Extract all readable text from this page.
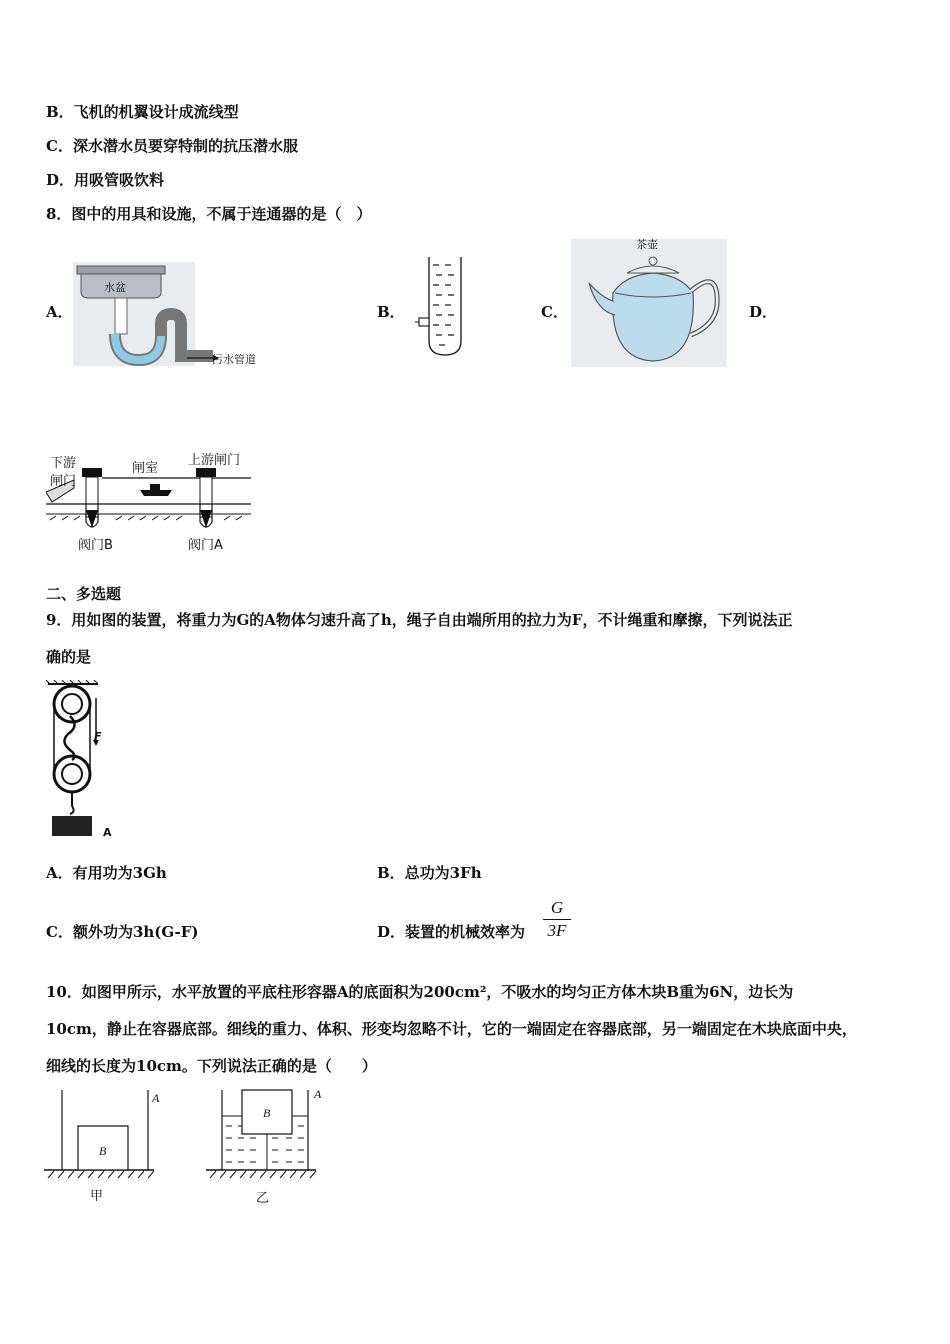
B．飞机的机翼设计成流线型
C．深水潜水员要穿特制的抗压潜水服
D．用吸管吸饮料
8．图中的用具和设施，不属于连通器的是（　）
A．
水盆
污水管道
B．	C．
茶壶
D．
下游
闸门
闸室
上游闸门
阀门B	阀门A
二、多选题
9．用如图的装置，将重力为G的A物体匀速升高了h，绳子自由端所用的拉力为F，不计绳重和摩擦，下列说法正
确的是
F
A
A．有用功为3Gh	B．总功为3Fh
C．额外功为3h(G-F)	D．装置的机械效率为
G
3F
10．如图甲所示，水平放置的平底柱形容器A的底面积为200cm²，不吸水的均匀正方体木块B重为6N，边长为
10cm，静止在容器底部。细线的重力、体积、形变均忽略不计，它的一端固定在容器底部，另一端固定在木块底面中央，
细线的长度为10cm。下列说法正确的是（　　）
A
B
甲
A
B
乙
